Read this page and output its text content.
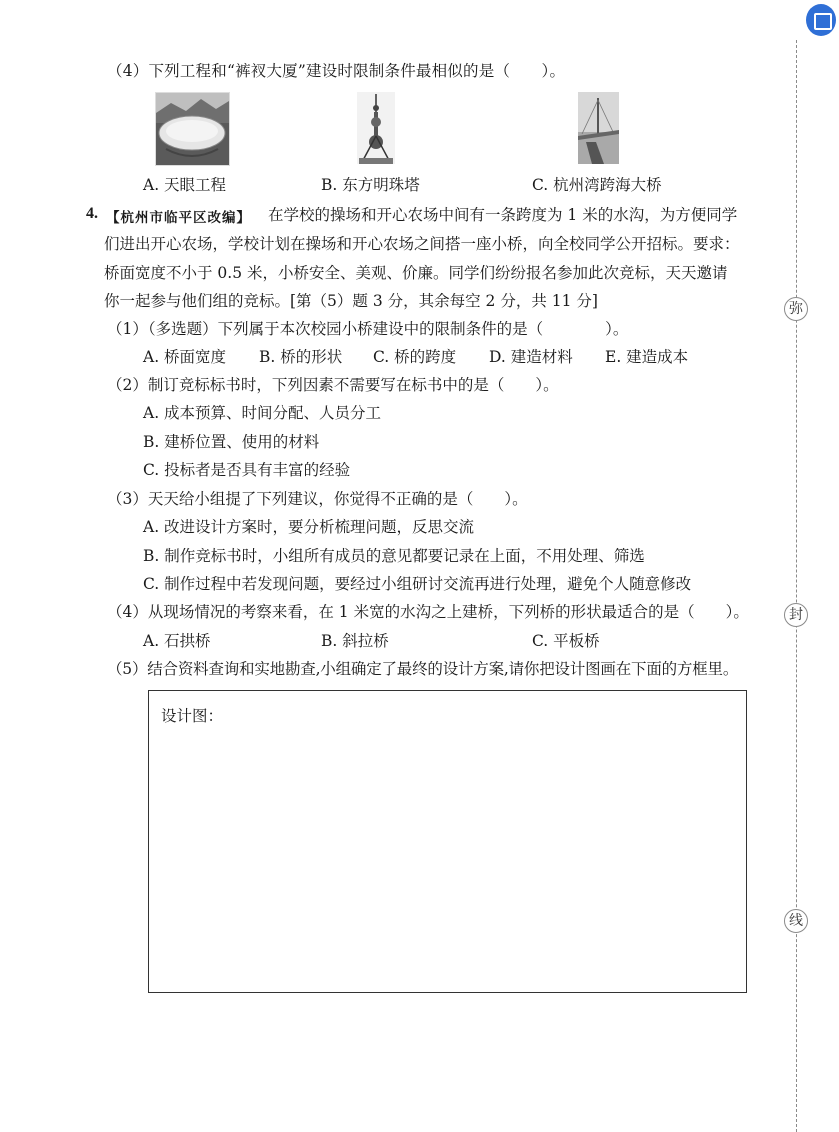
（4）下列工程和“裤衩大厦”建设时限制条件最相似的是（　　）。
A. 天眼工程	B. 东方明珠塔	C. 杭州湾跨海大桥
4. 【杭州市临平区改编】 在学校的操场和开心农场中间有一条跨度为 1 米的水沟，为方便同学
们进出开心农场，学校计划在操场和开心农场之间搭一座小桥，向全校同学公开招标。要求：
桥面宽度不小于 0.5 米，小桥安全、美观、价廉。同学们纷纷报名参加此次竞标，天天邀请
你一起参与他们组的竞标。[第（5）题 3 分，其余每空 2 分，共 11 分]
（1）（多选题）下列属于本次校园小桥建设中的限制条件的是（　　　　）。
A. 桥面宽度 B. 桥的形状 C. 桥的跨度 D. 建造材料 E. 建造成本
（2）制订竞标标书时，下列因素不需要写在标书中的是（　　）。
A. 成本预算、时间分配、人员分工
B. 建桥位置、使用的材料
C. 投标者是否具有丰富的经验
（3）天天给小组提了下列建议，你觉得不正确的是（　　）。
A. 改进设计方案时，要分析梳理问题，反思交流
B. 制作竞标书时，小组所有成员的意见都要记录在上面，不用处理、筛选
C. 制作过程中若发现问题，要经过小组研讨交流再进行处理，避免个人随意修改
（4）从现场情况的考察来看，在 1 米宽的水沟之上建桥，下列桥的形状最适合的是（　　）。
A. 石拱桥	B. 斜拉桥	C. 平板桥
（5）结合资料查询和实地勘查,小组确定了最终的设计方案,请你把设计图画在下面的方框里。
设计图：
弥
封
线
